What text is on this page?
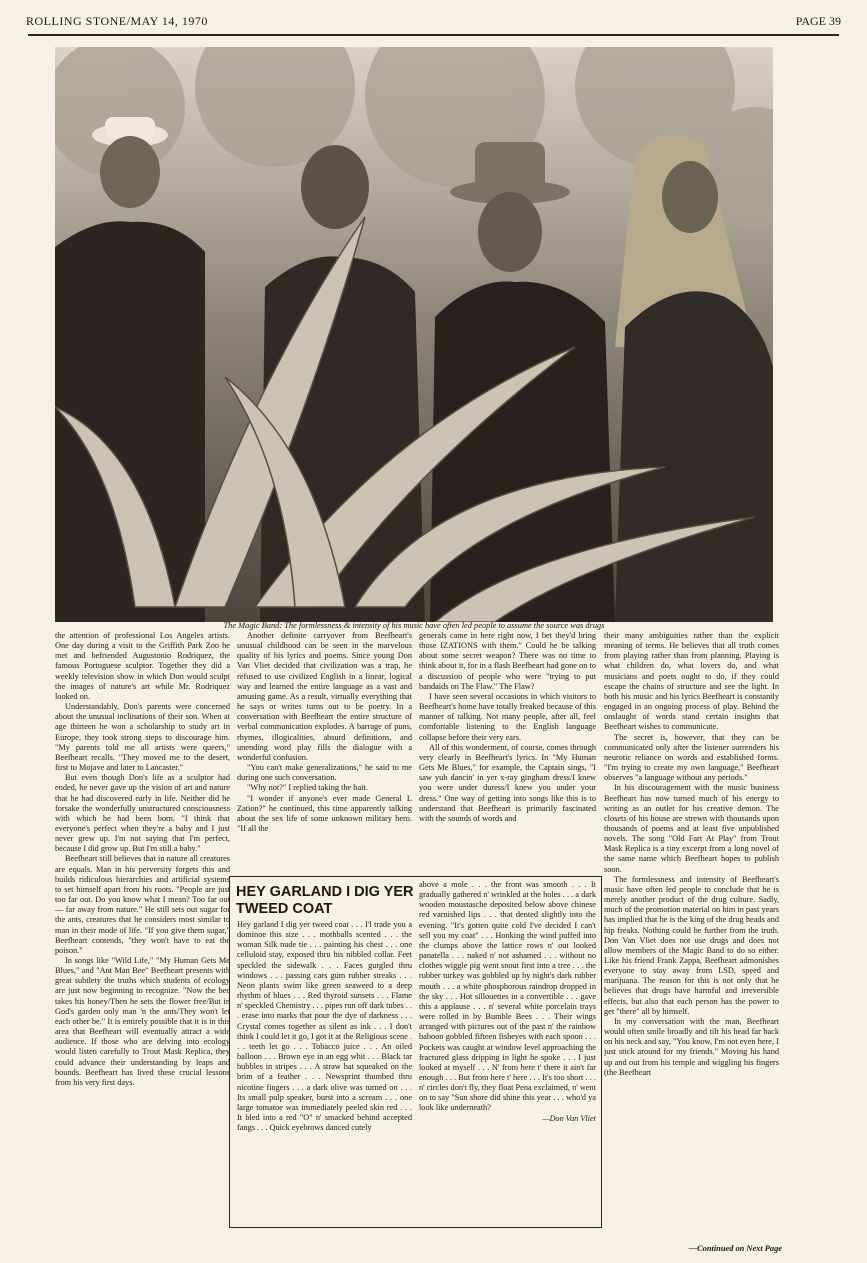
ROLLING STONE/MAY 14, 1970	PAGE 39
The Magic Band: The formlessness & intensity of his music have often led people to assume the source was drugs

the attention of professional Los Angeles artists. One day during a visit to the Griffith Park Zoo he met and befriended Augustonio Rodriquez, the famous Portuguese sculptor. Together they did a weekly television show in which Don would sculpt the images of nature's art while Mr. Rodriquez looked on.

Understandably, Don's parents were concerned about the unusual inclinations of their son. When at age thirteen he won a scholarship to study art in Europe, they took strong steps to discourage him. "My parents told me all artists were queers," Beefheart recalls. "They moved me to the desert, first to Mojave and later to Lancaster."

But even though Don's life as a sculptor had ended, he never gave up the vision of art and nature that he had discovered early in life. Neither did he forsake the wonderfully unstructured consciousness with which he had been born. "I think that everyone's perfect when they're a baby and I just never grew up. I'm not saying that I'm perfect, because I did grow up. But I'm still a baby."

Beefheart still believes that in nature all creatures are equals. Man in his perversity forgets this and builds ridiculous hierarchies and artificial systems to set himself apart from his roots. "People are just too far out. Do you know what I mean? Too far out — far away from nature." He still sets out sugar for the ants, creatures that he considers most similar to man in their mode of life. "If you give them sugar," Beefheart contends, "they won't have to eat the poison."

In songs like "Wild Life," "My Human Gets Me Blues," and "Ant Man Bee" Beefheart presents with great subtlety the truths which students of ecology are just now beginning to recognize. "Now the bee takes his honey/Then he sets the flower free/But in God's garden only man 'n the ants/They won't let each other be." It is entirely possible that it is in this area that Beefheart will eventually attract a wide audience. If those who are delving into ecology would listen carefully to Trout Mask Replica, they could advance their understanding by leaps and bounds. Beefheart has lived these crucial lessons from his very first days.

Another definite carryover from Beefheart's unusual childhood can be seen in the marvelous quality of his lyrics and poems. Since young Don Van Vliet decided that civilization was a trap, he refused to use civilized English in a linear, logical way and learned the entire language as a vast and amusing game. As a result, virtually everything that he says or writes turns out to be poetry. In a conversation with Beefheart the entire structure of verbal communication explodes. A barrage of puns, rhymes, illogicalities, absurd definitions, and unending word play fills the dialogue with a wonderful confusion.

"You can't make generalizations," he said to me during one such conversation.

"Why not?" I replied taking the bait.

"I wonder if anyone's ever made General L Zation?" he continued, this time apparently talking about the sex life of some unknown military hero. "If all the

generals came in here right now, I bet they'd bring those IZATIONS with them." Could he be talking about some secret weapon? There was no time to think about it, for in a flash Beefheart had gone on to a discussion of people who were "trying to put bandaids on The Flaw." The Flaw?

I have seen several occasions in which visitors to Beefheart's home have totally freaked because of this manner of talking. Not many people, after all, feel comfortable listening to the English language collapse before their very ears.

All of this wonderment, of course, comes through very clearly in Beefheart's lyrics. In "My Human Gets Me Blues," for example, the Captain sings, "I saw yuh dancin' in yer x-ray gingham dress/I knew you were under duress/I knew you under your dress." One way of getting into songs like this is to understand that Beefheart is primarily fascinated with the sounds of words and

their many ambiguities rather than the explicit meaning of terms. He believes that all truth comes from playing rather than from planning. Playing is what children do, what lovers do, and what musicians and poets ought to do, if they could escape the chains of structure and see the light. In both his music and his lyrics Beefheart is constantly engaged in an ongoing process of play. Behind the onslaught of words stand certain insights that Beefheart wishes to communicate.

The secret is, however, that they can be communicated only after the listener surrenders his neurotic reliance on words and established forms. "I'm trying to create my own language," Beefheart observes "a language without any periods."

In his discouragement with the music business Beefheart has now turned much of his energy to writing as an outlet for his creative demon. The closets of his house are strewn with thousands upon thousands of poems and at least five unpublished novels. The song "Old Fart At Play" from Trout Mask Replica is a tiny excerpt from a long novel of the same name which Beefheart hopes to publish soon.

The formlessness and intensity of Beefheart's music have often led people to conclude that he is merely another product of the drug culture. Sadly, much of the promotion material on him in past years has implied that he is the king of the drug heads and hip freaks. Nothing could be further from the truth. Don Van Vliet does not use drugs and does not allow members of the Magic Band to do so either. Like his friend Frank Zappa, Beefheart admonishes everyone to stay away from LSD, speed and marijuana. The reason for this is not only that he believes that drugs have harmful and irreversible effects, but also that each person has the power to get "there" all by himself.

In my conversation with the man, Beefheart would often smile broadly and tilt his head far back on his neck and say, "You know, I'm not even here, I just stick around for my friends." Moving his hand up and out from his temple and wiggling his fingers (the Beefheart

HEY GARLAND I DIG YER TWEED COAT

Hey garland I dig yer tweed coat . . . I'l trade you a dominoe this size . . . mothballs scented . . . the woman Silk nude tie . . . painting his chest . . . one celluloid stay, exposed thru his nibbled collar. Feet speckled the sidewalk . . . Faces gurgled thru windows . . . passing cars gum rubber streaks . . . Neon plants swim like green seaweed to a deep rhythm of blues . . . Red thyroid sunsets . . . Flame n' speckled Chemistry . . . pipes run off dark tubes . . . erase into marks that pour the dye of darkness . . . Crystal comes together as silent as ink . . . I don't think I could let it go, I got it at the Religious scene . . . teeth let go . . . Tobacco juice . . . An oiled balloon . . . Brown eye in an egg whit . . . Black tar bubbles in stripes . . . A straw hat squeaked on the brim of a feather . . . Newsprint thumbed thru nicotine fingers . . . a dark olive was turned on . . . Its small pulp speaker, burst into a scream . . . one large tomatoe was immediately peeled skin red . . . It bled into a red "O" n' smacked behind accepted fangs . . . Quick eyebrows danced cutely

above a mole . . . the front was smooth . . . It gradually gathered n' wrinkled at the holes . . . a dark wooden moustasche deposited below above chinese red varnished lips . . . that dented slightly into the evening. "It's gotten quite cold I've decided I can't sell you my coat" . . . Honking the wind puffed into the clumps above the lattice rows n' out looked panatella . . . naked n' not ashamed . . . without no clothes wiggle pig went snout first into a tree . . . the rubber turkey was gobbled up by night's dark rubber mouth . . . a white phosphorous raindrop dropped in the sky . . . Hot sillouettes in a convertible . . . gave this a applause . . . n' several white porcelain trays were rolled in by Bumble Bees . . . Their wings arranged with pictures out of the past n' the rainbow baboon gobbled fifteen fisheyes with each spoon . . . Pockets was caught at window level approaching the fractured glass dripping in light he spoke . . . I just looked at myself . . . N' from here t' there it ain't far enough . . . But from here t' here . . . It's too short . . . n' circles don't fly, they float Pena exclaimed, n' went on to say "Sun shore did shine this year . . . who'd ya look like underneath?

—Don Van Vliet

—Continued on Next Page
